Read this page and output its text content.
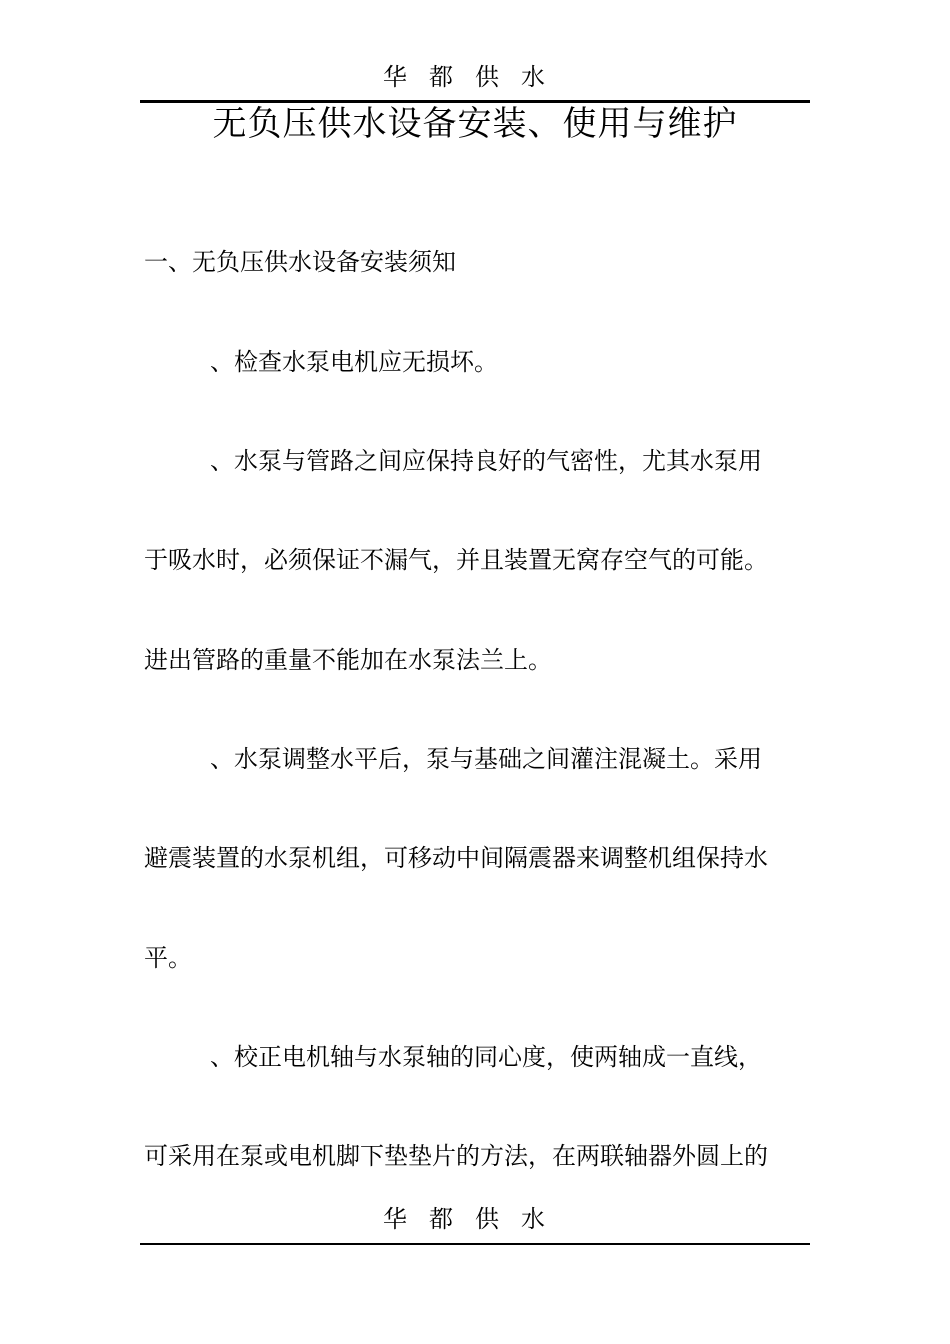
华都供水
无负压供水设备安装、使用与维护
一、无负压供水设备安装须知
、检查水泵电机应无损坏。
、水泵与管路之间应保持良好的气密性，尤其水泵用
于吸水时，必须保证不漏气，并且装置无窝存空气的可能。
进出管路的重量不能加在水泵法兰上。
、水泵调整水平后，泵与基础之间灌注混凝土。采用
避震装置的水泵机组，可移动中间隔震器来调整机组保持水
平。
、校正电机轴与水泵轴的同心度，使两轴成一直线，
可采用在泵或电机脚下垫垫片的方法，在两联轴器外圆上的
华都供水
